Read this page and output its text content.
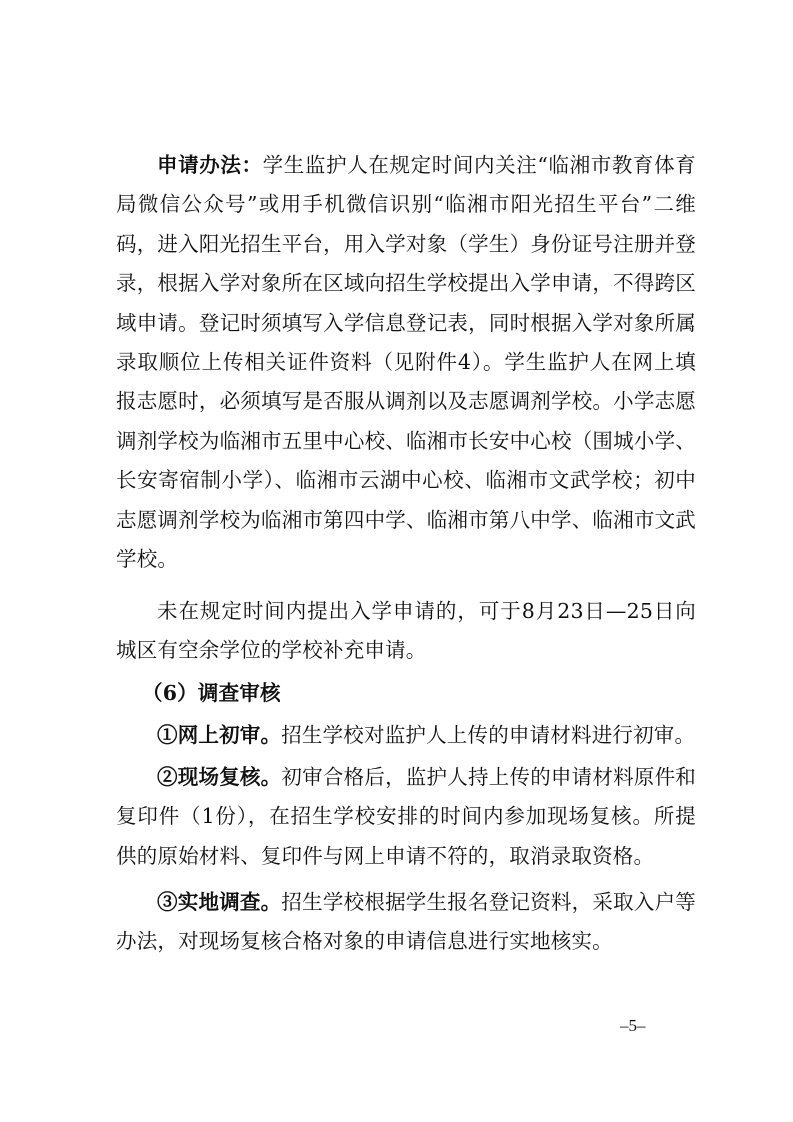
申请办法：学生监护人在规定时间内关注“临湘市教育体育局微信公众号”或用手机微信识别“临湘市阳光招生平台”二维码，进入阳光招生平台，用入学对象（学生）身份证号注册并登录，根据入学对象所在区域向招生学校提出入学申请，不得跨区域申请。登记时须填写入学信息登记表，同时根据入学对象所属录取顺位上传相关证件资料（见附件4）。学生监护人在网上填报志愿时，必须填写是否服从调剂以及志愿调剂学校。小学志愿调剂学校为临湘市五里中心校、临湘市长安中心校（围城小学、长安寄宿制小学）、临湘市云湖中心校、临湘市文武学校；初中志愿调剂学校为临湘市第四中学、临湘市第八中学、临湘市文武学校。
未在规定时间内提出入学申请的，可于8月23日—25日向城区有空余学位的学校补充申请。
（6）调查审核
①网上初审。招生学校对监护人上传的申请材料进行初审。
②现场复核。初审合格后，监护人持上传的申请材料原件和复印件（1份），在招生学校安排的时间内参加现场复核。所提供的原始材料、复印件与网上申请不符的，取消录取资格。
③实地调查。招生学校根据学生报名登记资料，采取入户等办法，对现场复核合格对象的申请信息进行实地核实。
–5–
